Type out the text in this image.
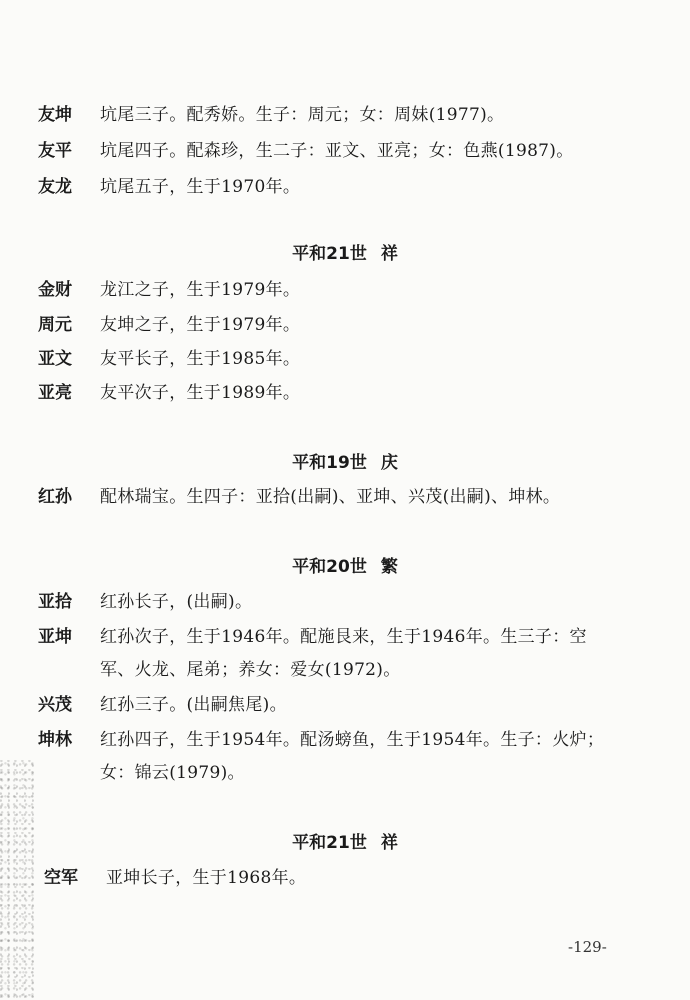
友坤 坑尾三子。配秀娇。生子：周元；女：周妹(1977)。
友平 坑尾四子。配森珍，生二子：亚文、亚亮；女：色燕(1987)。
友龙 坑尾五子，生于1970年。
平和21世 祥
金财 龙江之子，生于1979年。
周元 友坤之子，生于1979年。
亚文 友平长子，生于1985年。
亚亮 友平次子，生于1989年。
平和19世 庆
红孙 配林瑞宝。生四子：亚拾(出嗣)、亚坤、兴茂(出嗣)、坤林。
平和20世 繁
亚拾 红孙长子，(出嗣)。
亚坤 红孙次子，生于1946年。配施艮来，生于1946年。生三子：空
军、火龙、尾弟；养女：爱女(1972)。
兴茂 红孙三子。(出嗣焦尾)。
坤林 红孙四子，生于1954年。配汤螃鱼，生于1954年。生子：火炉；
女：锦云(1979)。
平和21世 祥
空军 亚坤长子，生于1968年。
-129-
